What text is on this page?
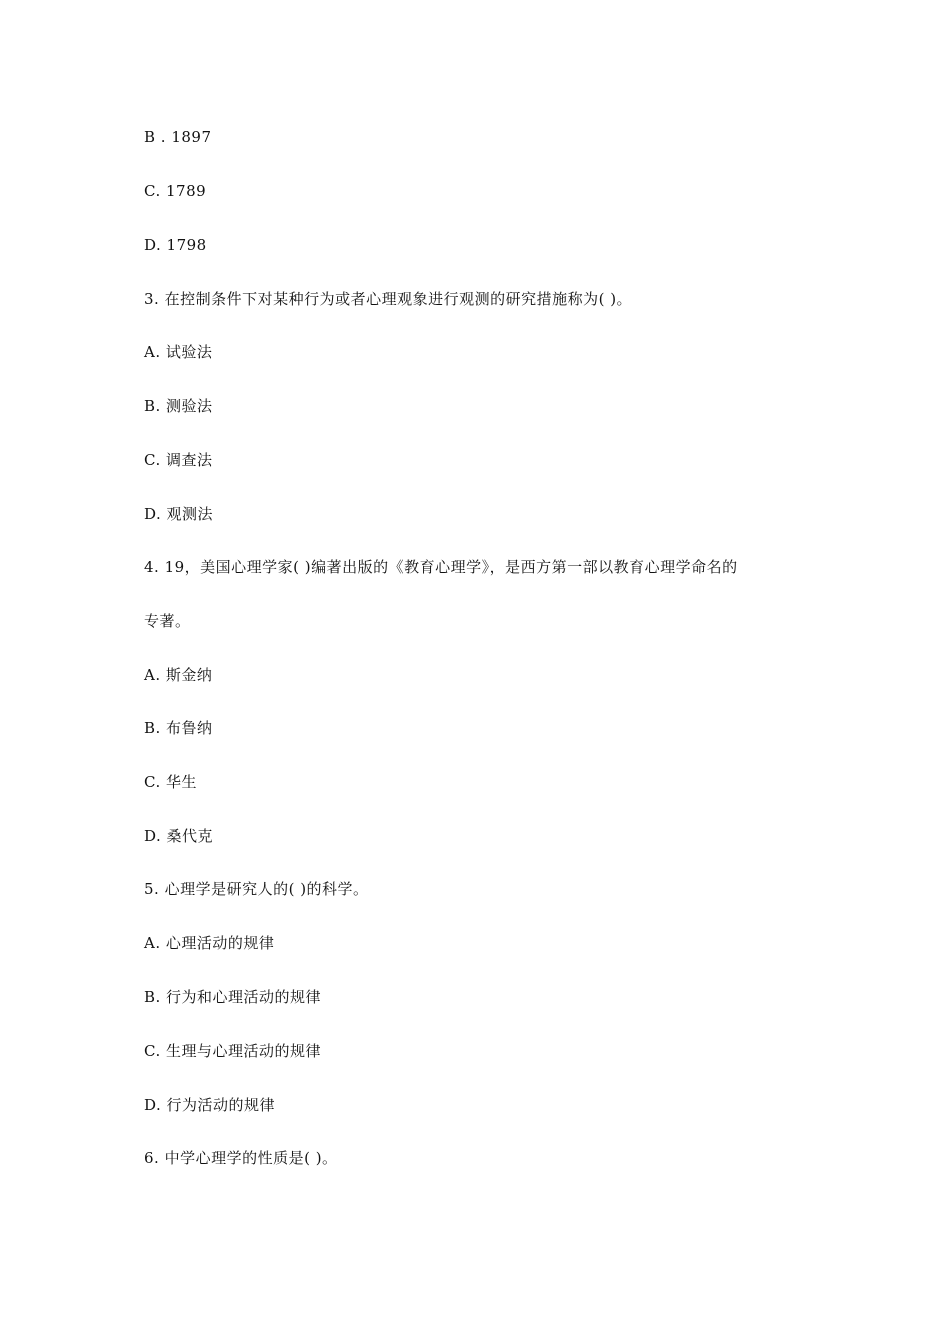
B . 1897
C. 1789
D. 1798
3. 在控制条件下对某种行为或者心理观象进行观测的研究措施称为( )。
A. 试验法
B. 测验法
C. 调查法
D. 观测法
4. 19，美国心理学家( )编著出版的《教育心理学》，是西方第一部以教育心理学命名的
专著。
A. 斯金纳
B. 布鲁纳
C. 华生
D. 桑代克
5. 心理学是研究人的( )的科学。
A. 心理活动的规律
B. 行为和心理活动的规律
C. 生理与心理活动的规律
D. 行为活动的规律
6. 中学心理学的性质是( )。
